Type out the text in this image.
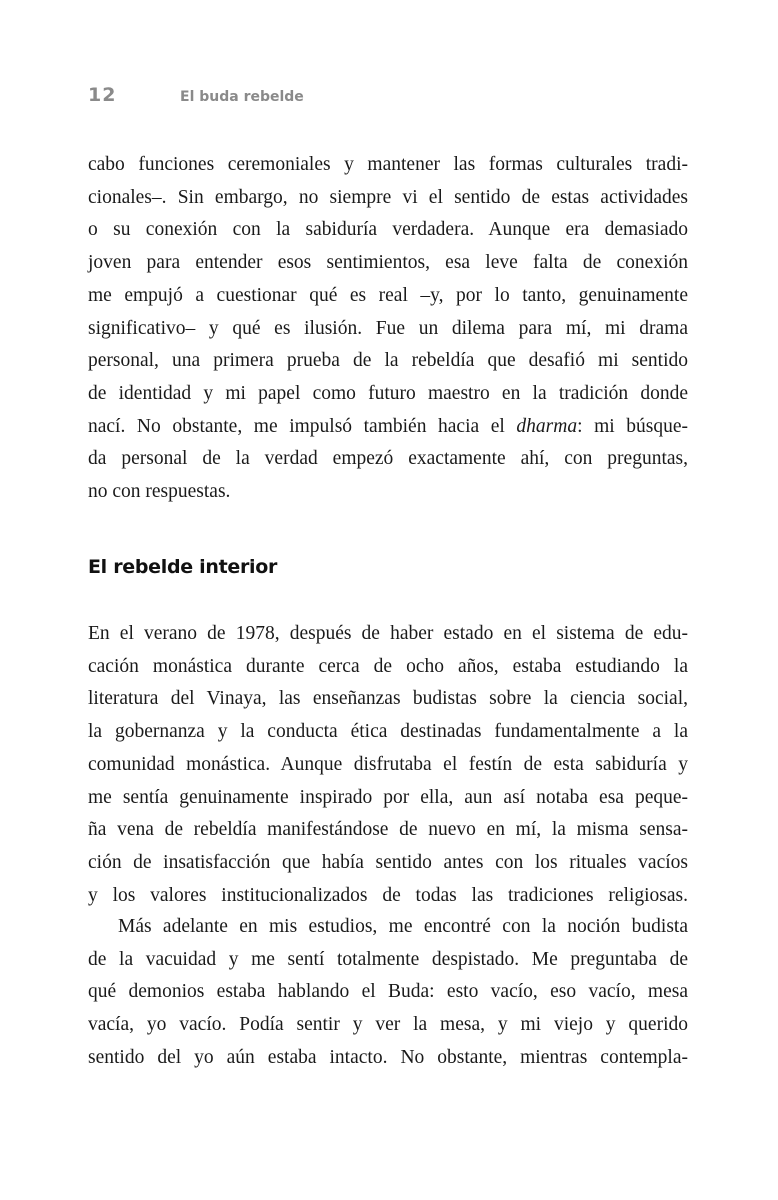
12	El buda rebelde
cabo funciones ceremoniales y mantener las formas culturales tradi-
cionales–. Sin embargo, no siempre vi el sentido de estas actividades
o su conexión con la sabiduría verdadera. Aunque era demasiado
joven para entender esos sentimientos, esa leve falta de conexión
me empujó a cuestionar qué es real –y, por lo tanto, genuinamente
significativo– y qué es ilusión. Fue un dilema para mí, mi drama
personal, una primera prueba de la rebeldía que desafió mi sentido
de identidad y mi papel como futuro maestro en la tradición donde
nací. No obstante, me impulsó también hacia el dharma: mi búsque-
da personal de la verdad empezó exactamente ahí, con preguntas,
no con respuestas.
El rebelde interior
En el verano de 1978, después de haber estado en el sistema de edu-
cación monástica durante cerca de ocho años, estaba estudiando la
literatura del Vinaya, las enseñanzas budistas sobre la ciencia social,
la gobernanza y la conducta ética destinadas fundamentalmente a la
comunidad monástica. Aunque disfrutaba el festín de esta sabiduría y
me sentía genuinamente inspirado por ella, aun así notaba esa peque-
ña vena de rebeldía manifestándose de nuevo en mí, la misma sensa-
ción de insatisfacción que había sentido antes con los rituales vacíos
y los valores institucionalizados de todas las tradiciones religiosas.
Más adelante en mis estudios, me encontré con la noción budista
de la vacuidad y me sentí totalmente despistado. Me preguntaba de
qué demonios estaba hablando el Buda: esto vacío, eso vacío, mesa
vacía, yo vacío. Podía sentir y ver la mesa, y mi viejo y querido
sentido del yo aún estaba intacto. No obstante, mientras contempla-
